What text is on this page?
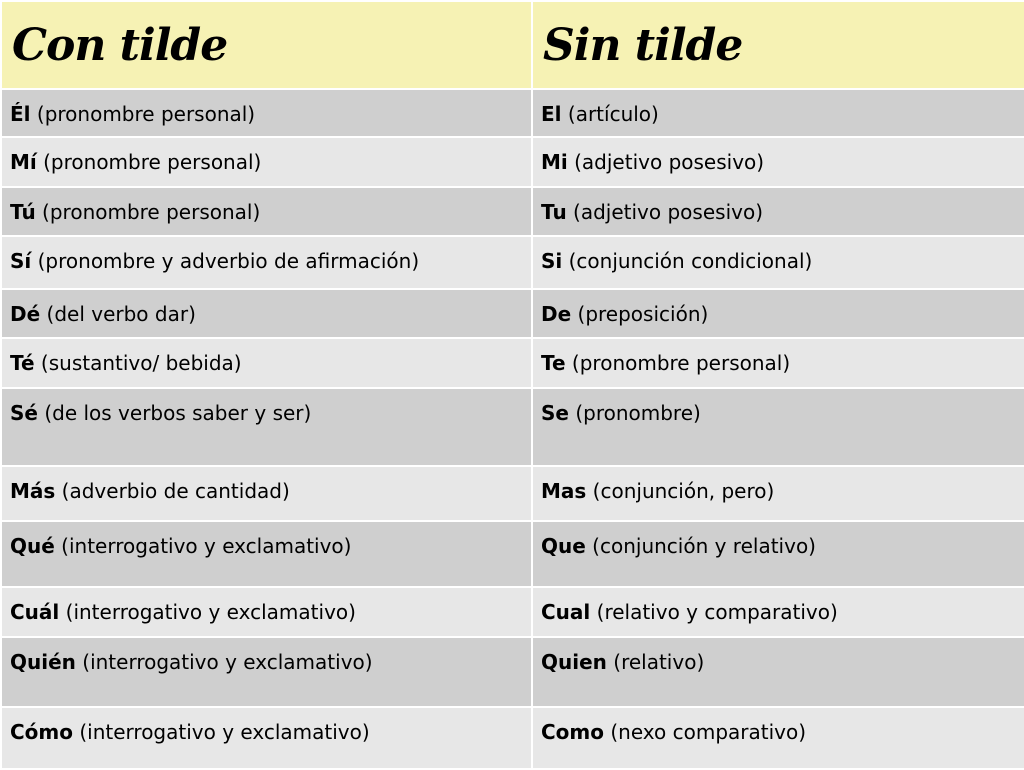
Con tilde	Sin tilde
Él (pronombre personal)	El (artículo)
Mí (pronombre personal)	Mi (adjetivo posesivo)
Tú (pronombre personal)	Tu (adjetivo posesivo)
Sí (pronombre y adverbio de afirmación)	Si (conjunción condicional)
Dé (del verbo dar)	De (preposición)
Té (sustantivo/ bebida)	Te (pronombre personal)
Sé (de los verbos saber y ser)	Se (pronombre)
Más (adverbio de cantidad)	Mas (conjunción, pero)
Qué (interrogativo y exclamativo)	Que (conjunción y relativo)
Cuál (interrogativo y exclamativo)	Cual (relativo y comparativo)
Quién (interrogativo y exclamativo)	Quien (relativo)
Cómo (interrogativo y exclamativo)	Como (nexo comparativo)
